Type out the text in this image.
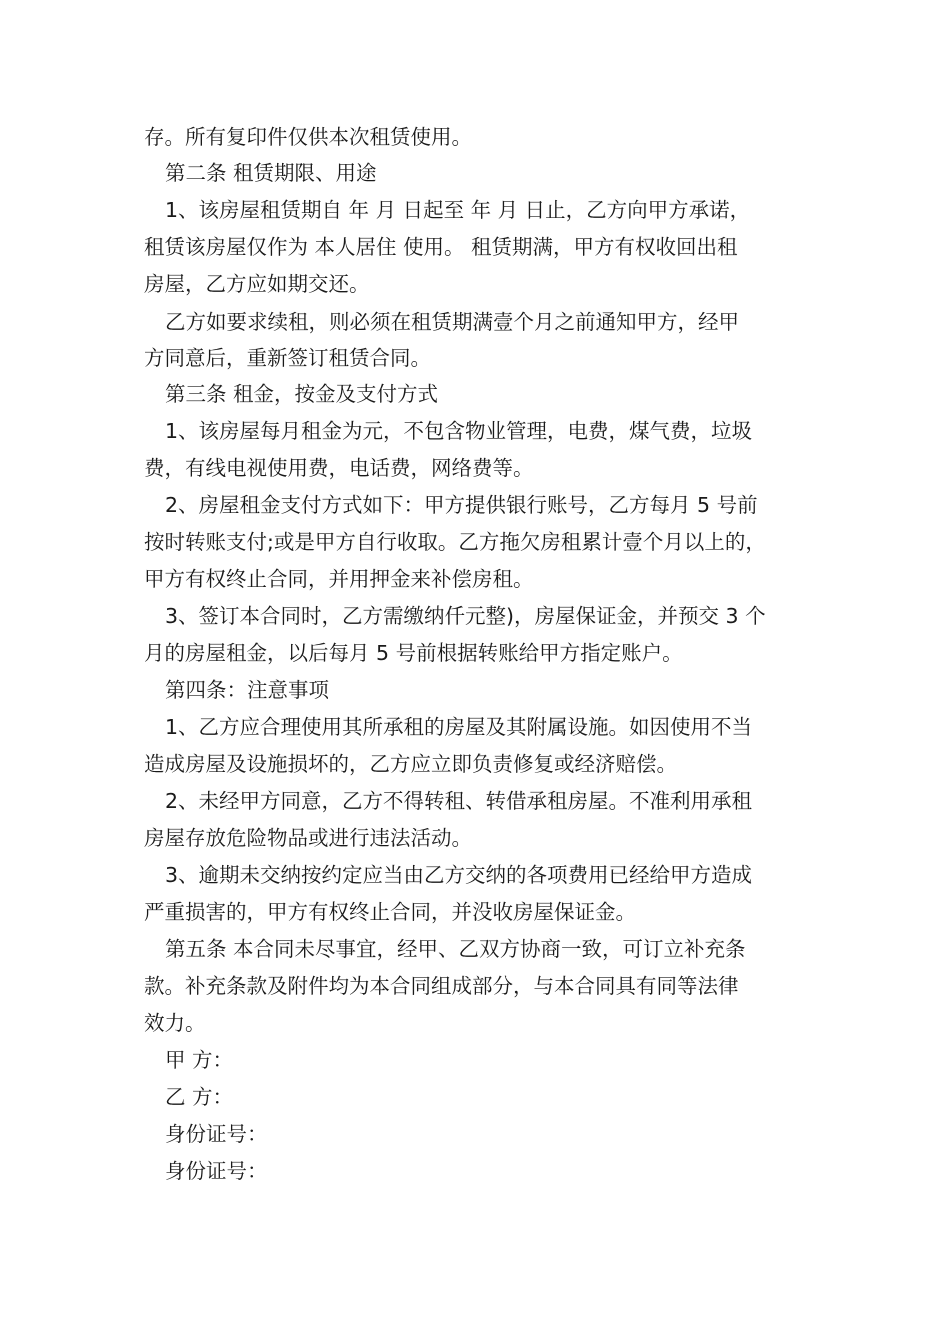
存。所有复印件仅供本次租赁使用。
第二条 租赁期限、用途
1、该房屋租赁期自 年 月 日起至 年 月 日止，乙方向甲方承诺，
租赁该房屋仅作为 本人居住 使用。 租赁期满，甲方有权收回出租
房屋，乙方应如期交还。
乙方如要求续租，则必须在租赁期满壹个月之前通知甲方，经甲
方同意后，重新签订租赁合同。
第三条 租金，按金及支付方式
1、该房屋每月租金为元，不包含物业管理，电费，煤气费，垃圾
费，有线电视使用费，电话费，网络费等。
2、房屋租金支付方式如下：甲方提供银行账号，乙方每月 5 号前
按时转账支付;或是甲方自行收取。乙方拖欠房租累计壹个月以上的，
甲方有权终止合同，并用押金来补偿房租。
3、签订本合同时，乙方需缴纳仟元整)，房屋保证金，并预交 3 个
月的房屋租金，以后每月 5 号前根据转账给甲方指定账户。
第四条：注意事项
1、乙方应合理使用其所承租的房屋及其附属设施。如因使用不当
造成房屋及设施损坏的，乙方应立即负责修复或经济赔偿。
2、未经甲方同意，乙方不得转租、转借承租房屋。不准利用承租
房屋存放危险物品或进行违法活动。
3、逾期未交纳按约定应当由乙方交纳的各项费用已经给甲方造成
严重损害的，甲方有权终止合同，并没收房屋保证金。
第五条 本合同未尽事宜，经甲、乙双方协商一致，可订立补充条
款。补充条款及附件均为本合同组成部分，与本合同具有同等法律
效力。
甲 方：
乙 方：
身份证号：
身份证号：
